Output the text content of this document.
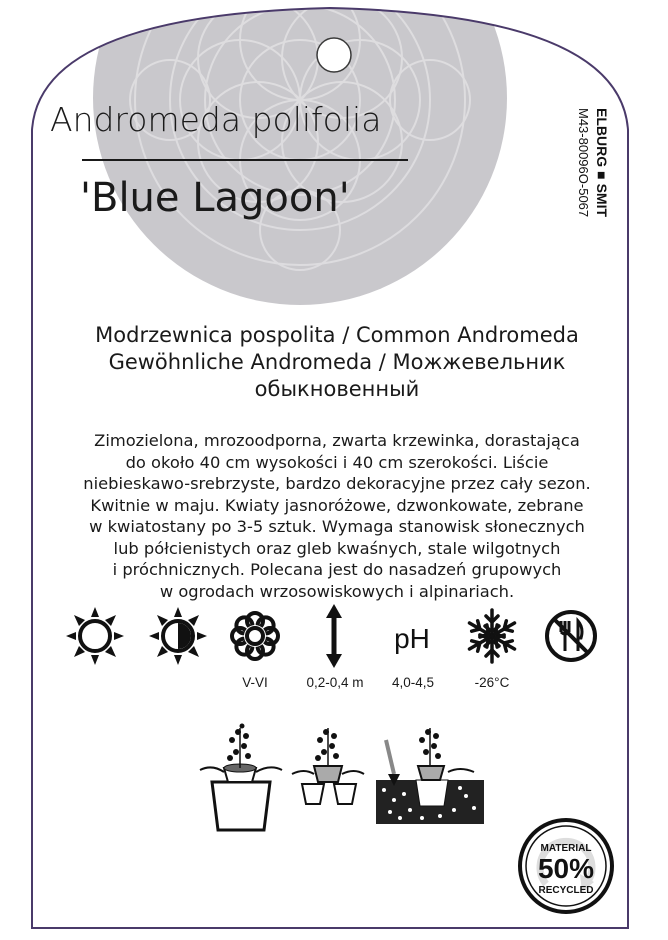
pH
MATERIAL
50%
RECYCLED
Andromeda polifolia
'Blue Lagoon'
Modrzewnica pospolita / Common Andromeda
Gewöhnliche Andromeda / Можжевельник
обыкновенный
Zimozielona, mrozoodporna, zwarta krzewinka, dorastająca
do około 40 cm wysokości i 40 cm szerokości. Liście
niebieskawo-srebrzyste, bardzo dekoracyjne przez cały sezon.
Kwitnie w maju. Kwiaty jasnoróżowe, dzwonkowate, zebrane
w kwiatostany po 3-5 sztuk. Wymaga stanowisk słonecznych
lub półcienistych oraz gleb kwaśnych, stale wilgotnych
i próchnicznych. Polecana jest do nasadzeń grupowych
w ogrodach wrzosowiskowych i alpinariach.
V-VI	0,2-0,4 m	4,0-4,5	-26°C
ELBURG■SMIT
M43-80096O-5067
